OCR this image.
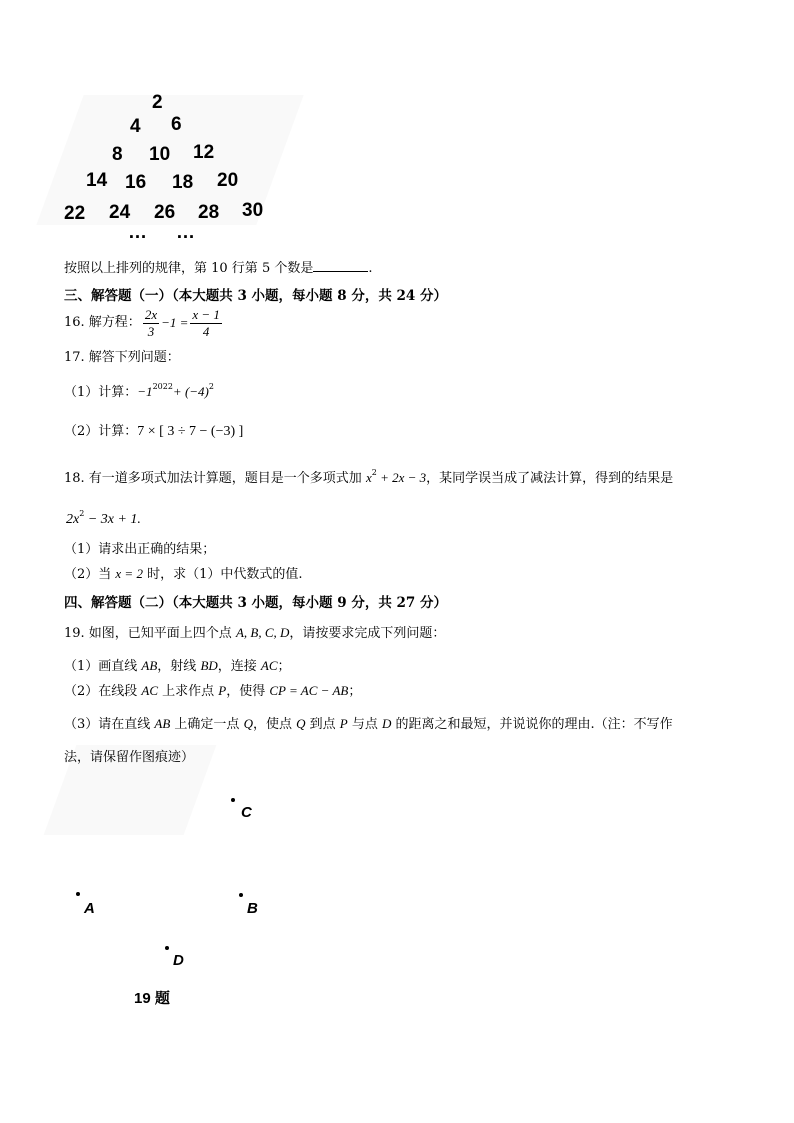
2
4 6
8 10 12
14 16 18 20
22 24 26 28 30
… …
按照以上排列的规律，第 10 行第 5 个数是	.
三、解答题（一）（本大题共 3 小题，每小题 8 分，共 24 分）
16. 解方程： $\frac{2x}{3} -1 = \frac{x - 1}{4}$
17. 解答下列问题：
（1）计算：$-1^{2022}+ (-4)^2$
（2）计算：7 × [ 3 ÷ 7 − (−3) ]
18. 有一道多项式加法计算题，题目是一个多项式加 $x^2 + 2x - 3$，某同学误当成了减法计算，得到的结果是
$2x^2 - 3x + 1$.
（1）请求出正确的结果；
（2）当 x = 2 时，求（1）中代数式的值.
四、解答题（二）（本大题共 3 小题，每小题 9 分，共 27 分）
19. 如图，已知平面上四个点 A, B, C, D，请按要求完成下列问题：
（1）画直线 AB，射线 BD，连接 AC；
（2）在线段 AC 上求作点 P，使得 CP = AC − AB；
（3）请在直线 AB 上确定一点 Q，使点 Q 到点 P 与点 D 的距离之和最短，并说说你的理由.（注：不写作
法，请保留作图痕迹）
C
A	B
D
19 题
